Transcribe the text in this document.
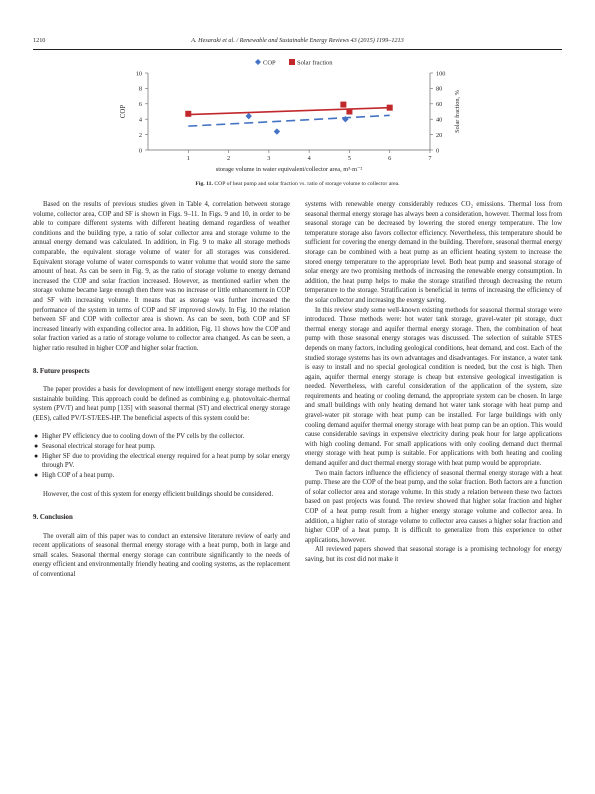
1210	A. Hesaraki et al. / Renewable and Sustainable Energy Reviews 43 (2015) 1199–1213
0
2
4
6
8
10
0
20
40
60
80
100
1	2	3	4	5	6	7
storage volume in water equivalent/collector area, m³·m⁻²
COP	Solar fraction, %
COP	Solar fraction
Fig. 11. COP of heat pump and solar fraction vs. ratio of storage volume to collector area.

Based on the results of previous studies given in Table 4, correlation between storage volume, collector area, COP and SF is shown in Figs. 9–11. In Figs. 9 and 10, in order to be able to compare different systems with different heating demand regardless of weather conditions and the building type, a ratio of solar collector area and storage volume to the annual energy demand was calculated. In addition, in Fig. 9 to make all storage methods comparable, the equivalent storage volume of water for all storages was considered. Equivalent storage volume of water corresponds to water volume that would store the same amount of heat. As can be seen in Fig. 9, as the ratio of storage volume to energy demand increased the COP and solar fraction increased. However, as mentioned earlier when the storage volume became large enough then there was no increase or little enhancement in COP and SF with increasing volume. It means that as storage was further increased the performance of the system in terms of COP and SF improved slowly. In Fig. 10 the relation between SF and COP with collector area is shown. As can be seen, both COP and SF increased linearly with expanding collector area. In addition, Fig. 11 shows how the COP and solar fraction varied as a ratio of storage volume to collector area changed. As can be seen, a higher ratio resulted in higher COP and higher solar fraction.

8. Future prospects

The paper provides a basis for development of new intelligent energy storage methods for sustainable building. This approach could be defined as combining e.g. photovoltaic-thermal system (PV/T) and heat pump [135] with seasonal thermal (ST) and electrical energy storage (EES), called PV/T-ST/EES-HP. The beneficial aspects of this system could be:

● Higher PV efficiency due to cooling down of the PV cells by the collector.
● Seasonal electrical storage for heat pump.
● Higher SF due to providing the electrical energy required for a heat pump by solar energy through PV.
● High COP of a heat pump.

However, the cost of this system for energy efficient buildings should be considered.

9. Conclusion

The overall aim of this paper was to conduct an extensive literature review of early and recent applications of seasonal thermal energy storage with a heat pump, both in large and small scales. Seasonal thermal energy storage can contribute significantly to the needs of energy efficient and environmentally friendly heating and cooling systems, as the replacement of conventional

systems with renewable energy considerably reduces CO₂ emissions. Thermal loss from seasonal thermal energy storage has always been a consideration, however. Thermal loss from seasonal storage can be decreased by lowering the stored energy temperature. The low temperature storage also favors collector efficiency. Nevertheless, this temperature should be sufficient for covering the energy demand in the building. Therefore, seasonal thermal energy storage can be combined with a heat pump as an efficient heating system to increase the stored energy temperature to the appropriate level. Both heat pump and seasonal storage of solar energy are two promising methods of increasing the renewable energy consumption. In addition, the heat pump helps to make the storage stratified through decreasing the return temperature to the storage. Stratification is beneficial in terms of increasing the efficiency of the solar collector and increasing the exergy saving.

In this review study some well-known existing methods for seasonal thermal storage were introduced. Those methods were: hot water tank storage, gravel-water pit storage, duct thermal energy storage and aquifer thermal energy storage. Then, the combination of heat pump with those seasonal energy storages was discussed. The selection of suitable STES depends on many factors, including geological conditions, heat demand, and cost. Each of the studied storage systems has its own advantages and disadvantages. For instance, a water tank is easy to install and no special geological condition is needed, but the cost is high. Then again, aquifer thermal energy storage is cheap but extensive geological investigation is needed. Nevertheless, with careful consideration of the application of the system, size requirements and heating or cooling demand, the appropriate system can be chosen. In large and small buildings with only heating demand hot water tank storage with heat pump and gravel-water pit storage with heat pump can be installed. For large buildings with only cooling demand aquifer thermal energy storage with heat pump can be an option. This would cause considerable savings in expensive electricity during peak hour for large applications with high cooling demand. For small applications with only cooling demand duct thermal energy storage with heat pump is suitable. For applications with both heating and cooling demand aquifer and duct thermal energy storage with heat pump would be appropriate.

Two main factors influence the efficiency of seasonal thermal energy storage with a heat pump. These are the COP of the heat pump, and the solar fraction. Both factors are a function of solar collector area and storage volume. In this study a relation between these two factors based on past projects was found. The review showed that higher solar fraction and higher COP of a heat pump result from a higher energy storage volume and collector area. In addition, a higher ratio of storage volume to collector area causes a higher solar fraction and higher COP of a heat pump. It is difficult to generalize from this experience to other applications, however.

All reviewed papers showed that seasonal storage is a promising technology for energy saving, but its cost did not make it
